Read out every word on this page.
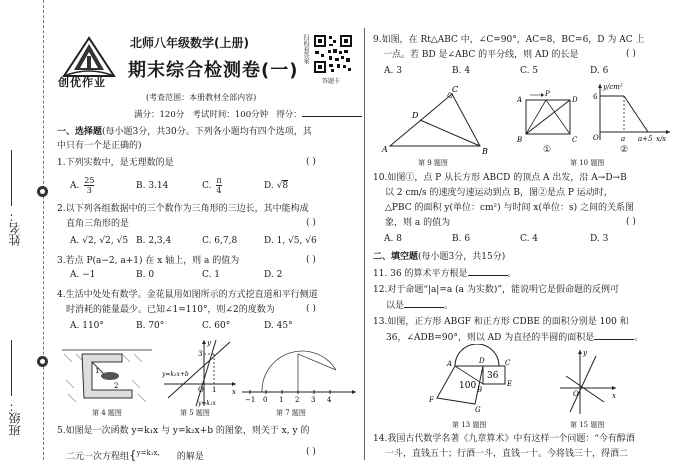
姓名：
班级：
创优作业
北师八年级数学(上册)
期末综合检测卷(一)
扫码看答案
答题卡
(考查范围：本册教材全部内容)
满分：120分 考试时间：100分钟 得分：
一、选择题(每小题3分，共30分。下列各小题均有四个选项，其
中只有一个是正确的)
1.下列实数中，是无理数的是	( )
A. $\frac{25}{3}$	B. 3.14	C. $\frac{\pi}{4}$	D. √8
2.以下列各组数据中的三个数作为三角形的三边长，其中能构成
直角三角形的是	( )
A. √2, √2, √5 B. 2,3,4	C. 6,7,8	D. 1, √5, √6
3.若点 P(a−2, a+1) 在 x 轴上，则 a 的值为	( )
A. −1	B. 0	C. 1	D. 2
4.生活中处处有数学。金花鼠用如图所示的方式挖直道和平行侧道
时消耗的能量最少。已知∠1=110°，则∠2的度数为	( )
A. 110°	B. 70°	C. 60°	D. 45°
1
2
第 4 题图
3
O 1 x
y
y=k₂x+b
y=k₁x
第 5 题图
−1 0 1 2 3 4
第 7 题图
5.如图是一次函数 y=k₁x 与 y=k₂x+b 的图象，则关于 x, y 的
二元一次方程组{$^{y=k_1x,}$ 的解是	( )
9.如图，在 Rt△ABC 中，∠C=90°，AC=8，BC=6，D 为 AC 上
一点。若 BD 是∠ABC 的平分线，则 AD 的长是	( )
A. 3	B. 4	C. 5	D. 6
A	B
C
D
第 9 题图
A
P
D
B	C
①
y/cm²
6
O	a a+5 x/s
②
第 10 题图
10.如图①，点 P 从长方形 ABCD 的顶点 A 出发，沿 A→D→B
以 2 cm/s 的速度匀速运动到点 B，图②是点 P 运动时，
△PBC 的面积 y(单位：cm²) 与时间 x(单位：s) 之间的关系图
象，则 a 的值为	( )
A. 8	B. 6	C. 4	D. 3
二、填空题(每小题3分，共15分)
11. 36 的算术平方根是	。
12.对于命题“|a|=a (a 为实数)”，能说明它是假命题的反例可
以是	。
13.如图，正方形 ABGF 和正方形 CDBE 的面积分别是 100 和
36，∠ADB=90°，则以 AD 为直径的半圆的面积是	。
100
36
A	D	C
B
E
G
F
第 13 题图
x
y
O
第 15 题图
14.我国古代数学名著《九章算术》中有这样一个问题：“今有醇酒
一斗，直钱五十；行酒一斗，直钱一十。今将钱三十，得酒二
